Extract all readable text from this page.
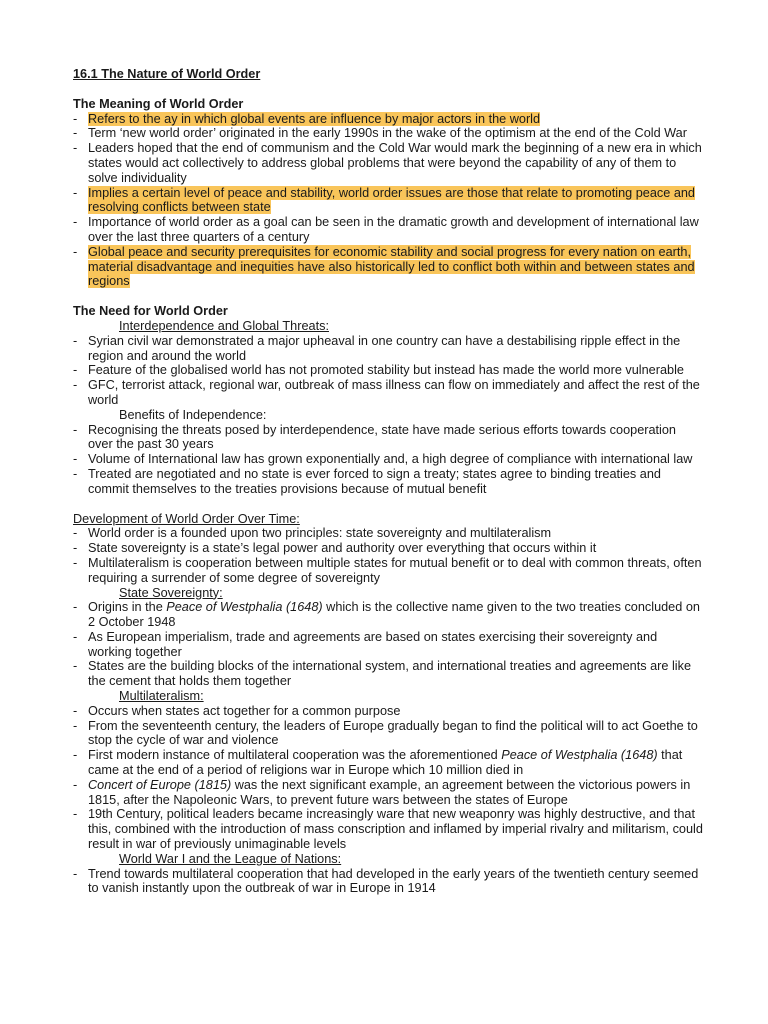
16.1 The Nature of World Order
The Meaning of World Order
- Refers to the ay in which global events are influence by major actors in the world
- Term ‘new world order’ originated in the early 1990s in the wake of the optimism at the end of the Cold War
- Leaders hoped that the end of communism and the Cold War would mark the beginning of a new era in which states would act collectively to address global problems that were beyond the capability of any of them to solve individuality
- Implies a certain level of peace and stability, world order issues are those that relate to promoting peace and resolving conflicts between state
- Importance of world order as a goal can be seen in the dramatic growth and development of international law over the last three quarters of a century
- Global peace and security prerequisites for economic stability and social progress for every nation on earth, material disadvantage and inequities have also historically led to conflict both within and between states and regions
The Need for World Order
Interdependence and Global Threats:
- Syrian civil war demonstrated a major upheaval in one country can have a destabilising ripple effect in the region and around the world
- Feature of the globalised world has not promoted stability but instead has made the world more vulnerable
- GFC, terrorist attack, regional war, outbreak of mass illness can flow on immediately and affect the rest of the world
Benefits of Independence:
- Recognising the threats posed by interdependence, state have made serious efforts towards cooperation over the past 30 years
- Volume of International law has grown exponentially and, a high degree of compliance with international law
- Treated are negotiated and no state is ever forced to sign a treaty; states agree to binding treaties and commit themselves to the treaties provisions because of mutual benefit
Development of World Order Over Time:
- World order is a founded upon two principles: state sovereignty and multilateralism
- State sovereignty is a state’s legal power and authority over everything that occurs within it
- Multilateralism is cooperation between multiple states for mutual benefit or to deal with common threats, often requiring a surrender of some degree of sovereignty
State Sovereignty:
- Origins in the Peace of Westphalia (1648) which is the collective name given to the two treaties concluded on 2 October 1948
- As European imperialism, trade and agreements are based on states exercising their sovereignty and working together
- States are the building blocks of the international system, and international treaties and agreements are like the cement that holds them together
Multilateralism:
- Occurs when states act together for a common purpose
- From the seventeenth century, the leaders of Europe gradually began to find the political will to act Goethe to stop the cycle of war and violence
- First modern instance of multilateral cooperation was the aforementioned Peace of Westphalia (1648) that came at the end of a period of religions war in Europe which 10 million died in
- Concert of Europe (1815) was the next significant example, an agreement between the victorious powers in 1815, after the Napoleonic Wars, to prevent future wars between the states of Europe
- 19th Century, political leaders became increasingly ware that new weaponry was highly destructive, and that this, combined with the introduction of mass conscription and inflamed by imperial rivalry and militarism, could result in war of previously unimaginable levels
World War I and the League of Nations:
- Trend towards multilateral cooperation that had developed in the early years of the twentieth century seemed to vanish instantly upon the outbreak of war in Europe in 1914
